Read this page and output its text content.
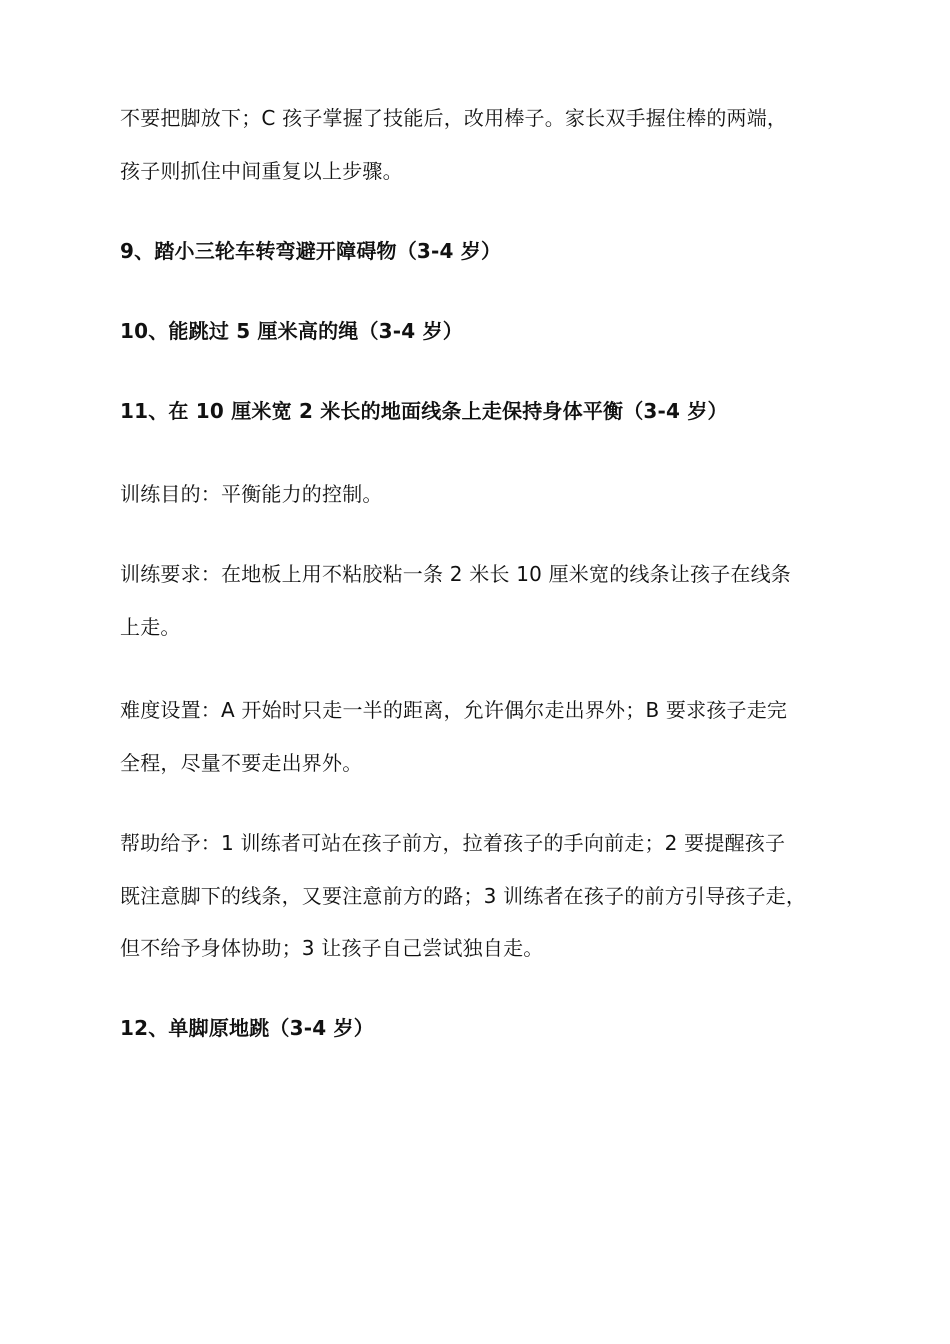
不要把脚放下；C 孩子掌握了技能后，改用棒子。家长双手握住棒的两端，
孩子则抓住中间重复以上步骤。
9、踏小三轮车转弯避开障碍物（3-4 岁）
10、能跳过 5 厘米高的绳（3-4 岁）
11、在 10 厘米宽 2 米长的地面线条上走保持身体平衡（3-4 岁）
训练目的：平衡能力的控制。
训练要求：在地板上用不粘胶粘一条 2 米长 10 厘米宽的线条让孩子在线条
上走。
难度设置：A 开始时只走一半的距离，允许偶尔走出界外；B 要求孩子走完
全程，尽量不要走出界外。
帮助给予：1 训练者可站在孩子前方，拉着孩子的手向前走；2 要提醒孩子
既注意脚下的线条，又要注意前方的路；3 训练者在孩子的前方引导孩子走，
但不给予身体协助；3 让孩子自己尝试独自走。
12、单脚原地跳（3-4 岁）
